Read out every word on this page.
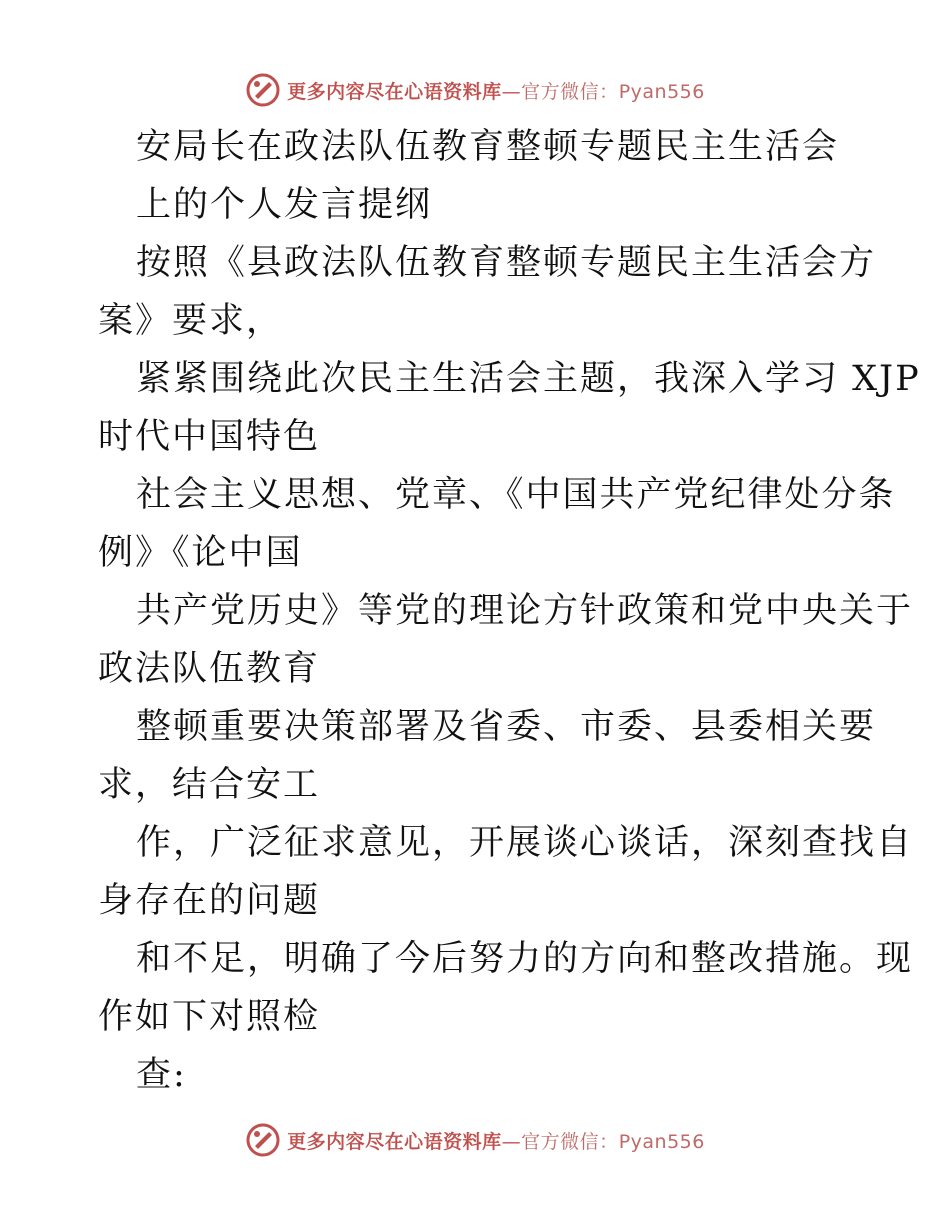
更多内容尽在心语资料库—官方微信：Pyan556
安局长在政法队伍教育整顿专题民主生活会
上的个人发言提纲
按照《县政法队伍教育整顿专题民主生活会方
案》要求，
紧紧围绕此次民主生活会主题，我深入学习 XJP
时代中国特色
社会主义思想、党章、《中国共产党纪律处分条
例》《论中国
共产党历史》等党的理论方针政策和党中央关于
政法队伍教育
整顿重要决策部署及省委、市委、县委相关要
求，结合安工
作，广泛征求意见，开展谈心谈话，深刻查找自
身存在的问题
和不足，明确了今后努力的方向和整改措施。现
作如下对照检
查:
更多内容尽在心语资料库—官方微信：Pyan556
